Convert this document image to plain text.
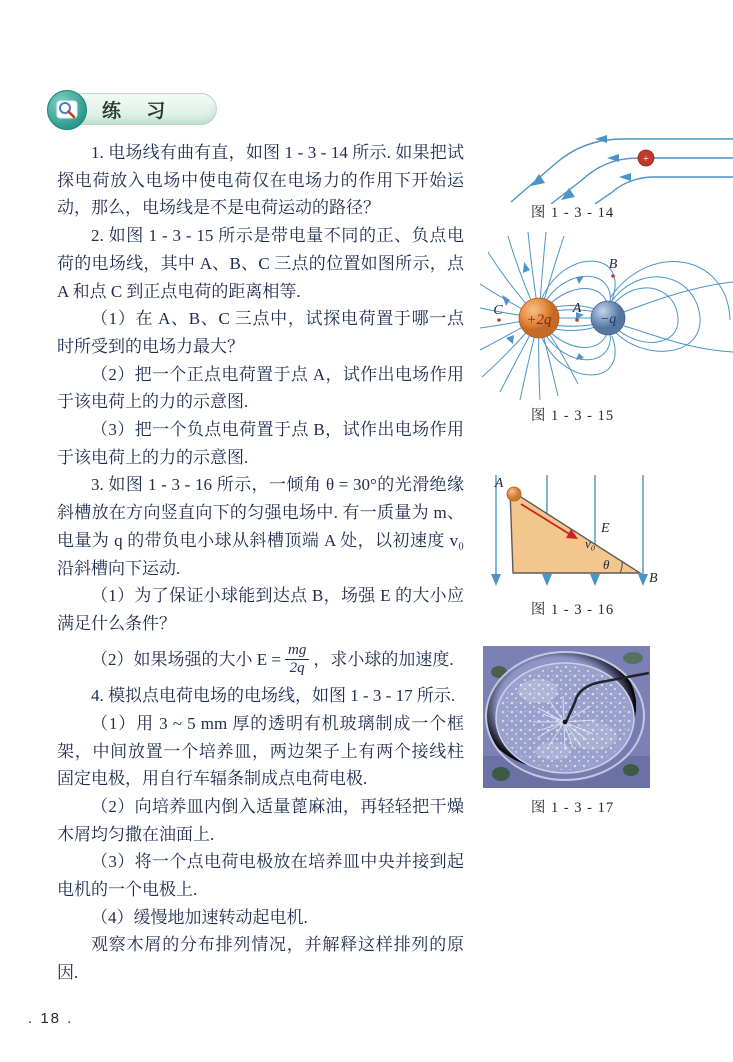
练 习

1. 电场线有曲有直，如图 1 - 3 - 14 所示. 如果把试探电荷放入电场中使电荷仅在电场力的作用下开始运动，那么，电场线是不是电荷运动的路径？

2. 如图 1 - 3 - 15 所示是带电量不同的正、负点电荷的电场线，其中 A、B、C 三点的位置如图所示，点 A 和点 C 到正点电荷的距离相等.

（1）在 A、B、C 三点中，试探电荷置于哪一点时所受到的电场力最大？

（2）把一个正点电荷置于点 A，试作出电场作用于该电荷上的力的示意图.

（3）把一个负点电荷置于点 B，试作出电场作用于该电荷上的力的示意图.

3. 如图 1 - 3 - 16 所示，一倾角 θ = 30°的光滑绝缘斜槽放在方向竖直向下的匀强电场中. 有一质量为 m、电量为 q 的带负电小球从斜槽顶端 A 处，以初速度 v₀ 沿斜槽向下运动.

（1）为了保证小球能到达点 B，场强 E 的大小应满足什么条件？

（2）如果场强的大小 $E = \frac{mg}{2q}$ ，求小球的加速度.

4. 模拟点电荷电场的电场线，如图 1 - 3 - 17 所示.

（1）用 3 ~ 5 mm 厚的透明有机玻璃制成一个框架，中间放置一个培养皿，两边架子上有两个接线柱固定电极，用自行车辐条制成点电荷电极.

（2）向培养皿内倒入适量蓖麻油，再轻轻把干燥木屑均匀撒在油面上.

（3）将一个点电荷电极放在培养皿中央并接到起电机的一个电极上.

（4）缓慢地加速转动起电机.

观察木屑的分布排列情况，并解释这样排列的原因.

+
图 1 - 3 - 14
+2q	−q
C	A
B
图 1 - 3 - 15
v₀
A
B
E
θ
图 1 - 3 - 16
图 1 - 3 - 17
. 18 .
